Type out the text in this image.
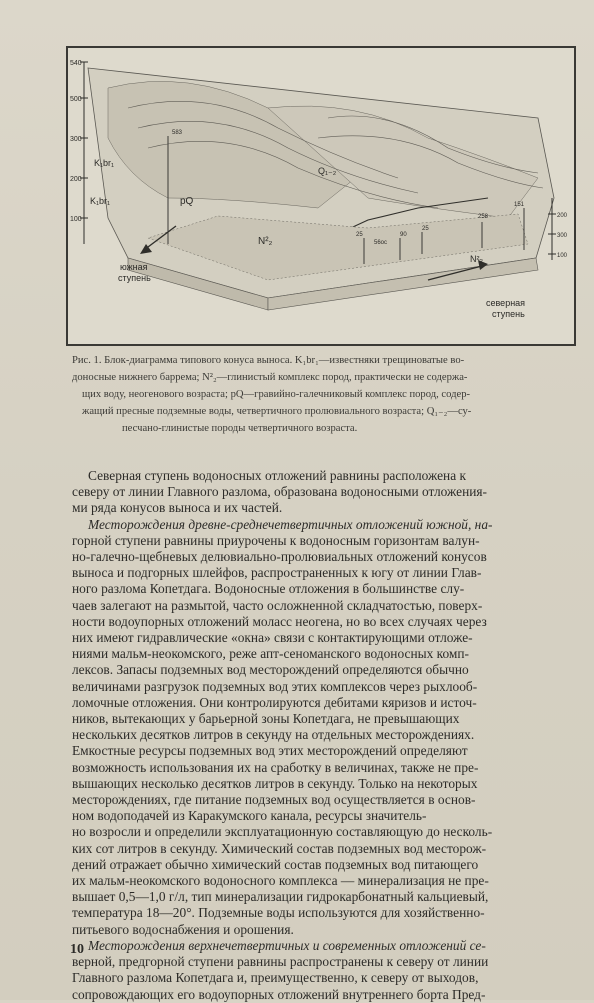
K₁br₁
K₁br₁	pQ
N²₂
N²₂
Q₁₋₂
540
500
300
200
100	200
300
100
583
258
25
56ос
90
25
151
южная
ступень
северная
ступень
Рис. 1. Блок-диаграмма типового конуса выноса. K₁br₁—известняки трещиноватые во-
доносные нижнего баррема; N²₂—глинистый комплекс пород, практически не содержа-
щих воду, неогенового возраста; pQ—гравийно-галечниковый комплекс пород, содер-
жащий пресные подземные воды, четвертичного пролювиального возраста; Q₁₋₂—су-
песчано-глинистые породы четвертичного возраста.
Северная ступень водоносных отложений равнины расположена к
северу от линии Главного разлома, образована водоносными отложения-
ми ряда конусов выноса и их частей.
Месторождения древне-среднечетвертичных отложений южной, на-
горной ступени равнины приурочены к водоносным горизонтам валун-
но-галечно-щебневых делювиально-пролювиальных отложений конусов
выноса и подгорных шлейфов, распространенных к югу от линии Глав-
ного разлома Копетдага. Водоносные отложения в большинстве слу-
чаев залегают на размытой, часто осложненной складчатостью, поверх-
ности водоупорных отложений моласс неогена, но во всех случаях через
них имеют гидравлические «окна» связи с контактирующими отложе-
ниями мальм-неокомского, реже апт-сеноманского водоносных комп-
лексов. Запасы подземных вод месторождений определяются обычно
величинами разгрузок подземных вод этих комплексов через рыхлооб-
ломочные отложения. Они контролируются дебитами кяризов и источ-
ников, вытекающих у барьерной зоны Копетдага, не превышающих
нескольких десятков литров в секунду на отдельных месторождениях.
Емкостные ресурсы подземных вод этих месторождений определяют
возможность использования их на сработку в величинах, также не пре-
вышающих несколько десятков литров в секунду. Только на некоторых
месторождениях, где питание подземных вод осуществляется в основ-
ном водоподачей из Каракумского канала, ресурсы значитель-
но возросли и определили эксплуатационную составляющую до несколь-
ких сот литров в секунду. Химический состав подземных вод месторож-
дений отражает обычно химический состав подземных вод питающего
их мальм-неокомского водоносного комплекса — минерализация не пре-
вышает 0,5—1,0 г/л, тип минерализации гидрокарбонатный кальциевый,
температура 18—20°. Подземные воды используются для хозяйственно-
питьевого водоснабжения и орошения.
Месторождения верхнечетвертичных и современных отложений се-
верной, предгорной ступени равнины распространены к северу от линии
Главного разлома Копетдага и, преимущественно, к северу от выходов,
сопровождающих его водоупорных отложений внутреннего борта Пред-
10
